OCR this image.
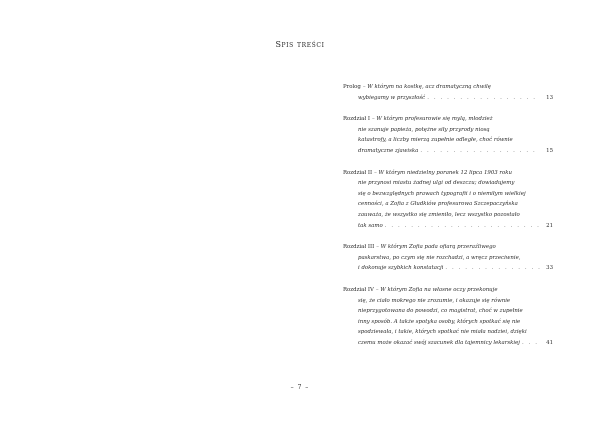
Spis treści
Prolog – W którym na kostkę, acz dramatyczną chwilę
wybiegamy w przyszłość . . .	13
Rozdział I – W którym profesurowie się mylą, młodzież
nie szanuje papieża, potężne siły przyrody niosą
katastrofy, a liczby mierzą zupełnie odległe, choć równie
dramatyczne zjawiska . . .	15
Rozdział II – W którym niedzielny poranek 12 lipca 1903 roku
nie przynosi miastu żadnej ulgi od deszczu; dowiadujemy
się o bezwzględnych prawach typografii i o niemiłym wielkiej
cenności, a Zofia z Głudkiów profesurowa Szczepaczyńska
zauważa, że wszystko się zmieniło, lecz wszystko pozostało
tak samo . . .	21
Rozdział III – W którym Zofia pada ofiarą przeraźliwego
paskarstwa, po czym się nie rozchadzi, a wręcz przeciwnie,
i dokonuje szybkich konstatacji . . .	33
Rozdział IV – W którym Zofia na własne oczy przekonuje
się, że ciało mokrego nie zrozumie, i okazuje się równie
nieprzygotowana do powodzi, co magistrat, choć w zupełnie
inny sposób. A także spotyka osoby, których spotkać się nie
spodziewała, i takie, których spotkać nie miała nadziei, dzięki
czemu może okazać swój szacunek dla tajemnicy lekarskiej . . .	41
– 7 –
